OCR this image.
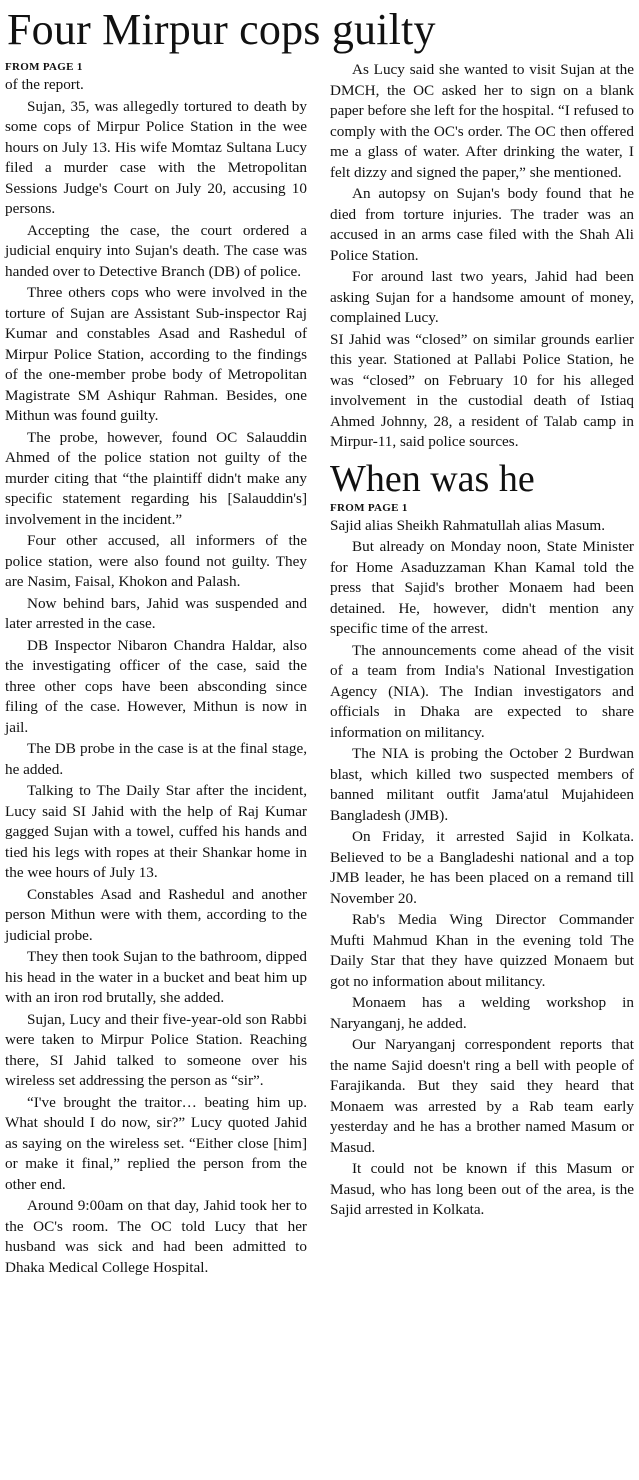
Four Mirpur cops guilty
FROM PAGE 1

of the report.

Sujan, 35, was allegedly tortured to death by some cops of Mirpur Police Station in the wee hours on July 13. His wife Momtaz Sultana Lucy filed a murder case with the Metropolitan Sessions Judge's Court on July 20, accusing 10 persons.

Accepting the case, the court ordered a judicial enquiry into Sujan's death. The case was handed over to Detective Branch (DB) of police.

Three others cops who were involved in the torture of Sujan are Assistant Sub-inspector Raj Kumar and constables Asad and Rashedul of Mirpur Police Station, according to the findings of the one-member probe body of Metropolitan Magistrate SM Ashiqur Rahman. Besides, one Mithun was found guilty.

The probe, however, found OC Salauddin Ahmed of the police station not guilty of the murder citing that “the plaintiff didn't make any specific statement regarding his [Salauddin's] involvement in the incident.”

Four other accused, all informers of the police station, were also found not guilty. They are Nasim, Faisal, Khokon and Palash.

Now behind bars, Jahid was suspended and later arrested in the case.

DB Inspector Nibaron Chandra Haldar, also the investigating officer of the case, said the three other cops have been absconding since filing of the case. However, Mithun is now in jail.

The DB probe in the case is at the final stage, he added.

Talking to The Daily Star after the incident, Lucy said SI Jahid with the help of Raj Kumar gagged Sujan with a towel, cuffed his hands and tied his legs with ropes at their Shankar home in the wee hours of July 13.

Constables Asad and Rashedul and another person Mithun were with them, according to the judicial probe.

They then took Sujan to the bathroom, dipped his head in the water in a bucket and beat him up with an iron rod brutally, she added.

Sujan, Lucy and their five-year-old son Rabbi were taken to Mirpur Police Station. Reaching there, SI Jahid talked to someone over his wireless set addressing the person as “sir”.

“I've brought the traitor… beating him up. What should I do now, sir?” Lucy quoted Jahid as saying on the wireless set. “Either close [him] or make it final,” replied the person from the other end.

Around 9:00am on that day, Jahid took her to the OC's room. The OC told Lucy that her husband was sick and had been admitted to Dhaka Medical College Hospital.

As Lucy said she wanted to visit Sujan at the DMCH, the OC asked her to sign on a blank paper before she left for the hospital. “I refused to comply with the OC's order. The OC then offered me a glass of water. After drinking the water, I felt dizzy and signed the paper,” she mentioned.

An autopsy on Sujan's body found that he died from torture injuries. The trader was an accused in an arms case filed with the Shah Ali Police Station.

For around last two years, Jahid had been asking Sujan for a handsome amount of money, complained Lucy.

SI Jahid was “closed” on similar grounds earlier this year. Stationed at Pallabi Police Station, he was “closed” on February 10 for his alleged involvement in the custodial death of Istiaq Ahmed Johnny, 28, a resident of Talab camp in Mirpur-11, said police sources.

When was he
FROM PAGE 1

Sajid alias Sheikh Rahmatullah alias Masum.

But already on Monday noon, State Minister for Home Asaduzzaman Khan Kamal told the press that Sajid's brother Monaem had been detained. He, however, didn't mention any specific time of the arrest.

The announcements come ahead of the visit of a team from India's National Investigation Agency (NIA). The Indian investigators and officials in Dhaka are expected to share information on militancy.

The NIA is probing the October 2 Burdwan blast, which killed two suspected members of banned militant outfit Jama'atul Mujahideen Bangladesh (JMB).

On Friday, it arrested Sajid in Kolkata. Believed to be a Bangladeshi national and a top JMB leader, he has been placed on a remand till November 20.

Rab's Media Wing Director Commander Mufti Mahmud Khan in the evening told The Daily Star that they have quizzed Monaem but got no information about militancy.

Monaem has a welding workshop in Naryanganj, he added.

Our Naryanganj correspondent reports that the name Sajid doesn't ring a bell with people of Farajikanda. But they said they heard that Monaem was arrested by a Rab team early yesterday and he has a brother named Masum or Masud.

It could not be known if this Masum or Masud, who has long been out of the area, is the Sajid arrested in Kolkata.
